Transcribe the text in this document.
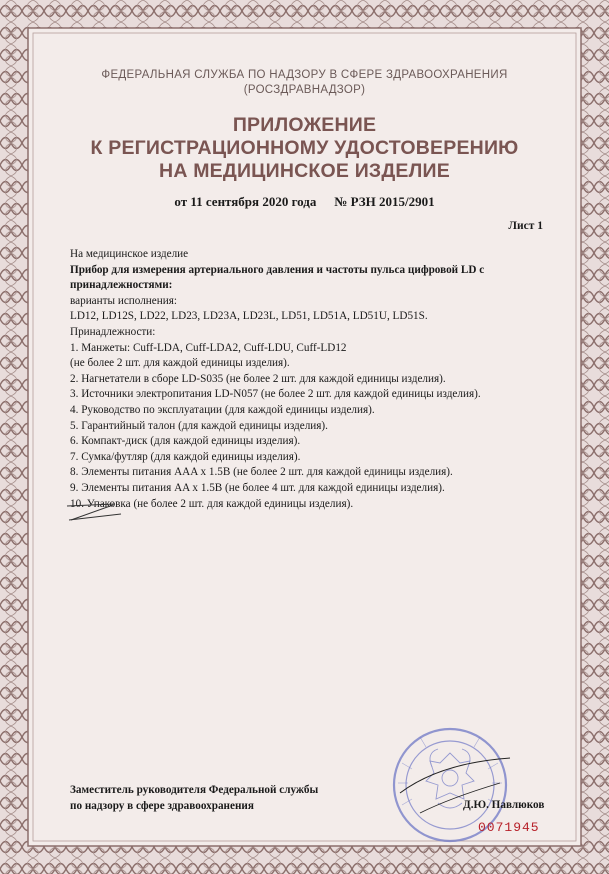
ФЕДЕРАЛЬНАЯ СЛУЖБА ПО НАДЗОРУ В СФЕРЕ ЗДРАВООХРАНЕНИЯ
(РОСЗДРАВНАДЗОР)
ПРИЛОЖЕНИЕ
К РЕГИСТРАЦИОННОМУ УДОСТОВЕРЕНИЮ
НА МЕДИЦИНСКОЕ ИЗДЕЛИЕ
от 11 сентября 2020 года № РЗН 2015/2901
Лист 1

На медицинское изделие

Прибор для измерения артериального давления и частоты пульса цифровой LD с принадлежностями:

варианты исполнения:

LD12, LD12S, LD22, LD23, LD23A, LD23L, LD51, LD51A, LD51U, LD51S.

Принадлежности:

1. Манжеты: Cuff-LDA, Cuff-LDA2, Cuff-LDU, Cuff-LD12

(не более 2 шт. для каждой единицы изделия).

2. Нагнетатели в сборе LD-S035 (не более 2 шт. для каждой единицы изделия).

3. Источники электропитания LD-N057 (не более 2 шт. для каждой единицы изделия).

4. Руководство по эксплуатации (для каждой единицы изделия).

5. Гарантийный талон (для каждой единицы изделия).

6. Компакт-диск (для каждой единицы изделия).

7. Сумка/футляр (для каждой единицы изделия).

8. Элементы питания AAA x 1.5B (не более 2 шт. для каждой единицы изделия).

9. Элементы питания AA x 1.5B (не более 4 шт. для каждой единицы изделия).

10. Упаковка (не более 2 шт. для каждой единицы изделия).

Заместитель руководителя Федеральной службы
по надзору в сфере здравоохранения	Д.Ю. Павлюков
0071945
